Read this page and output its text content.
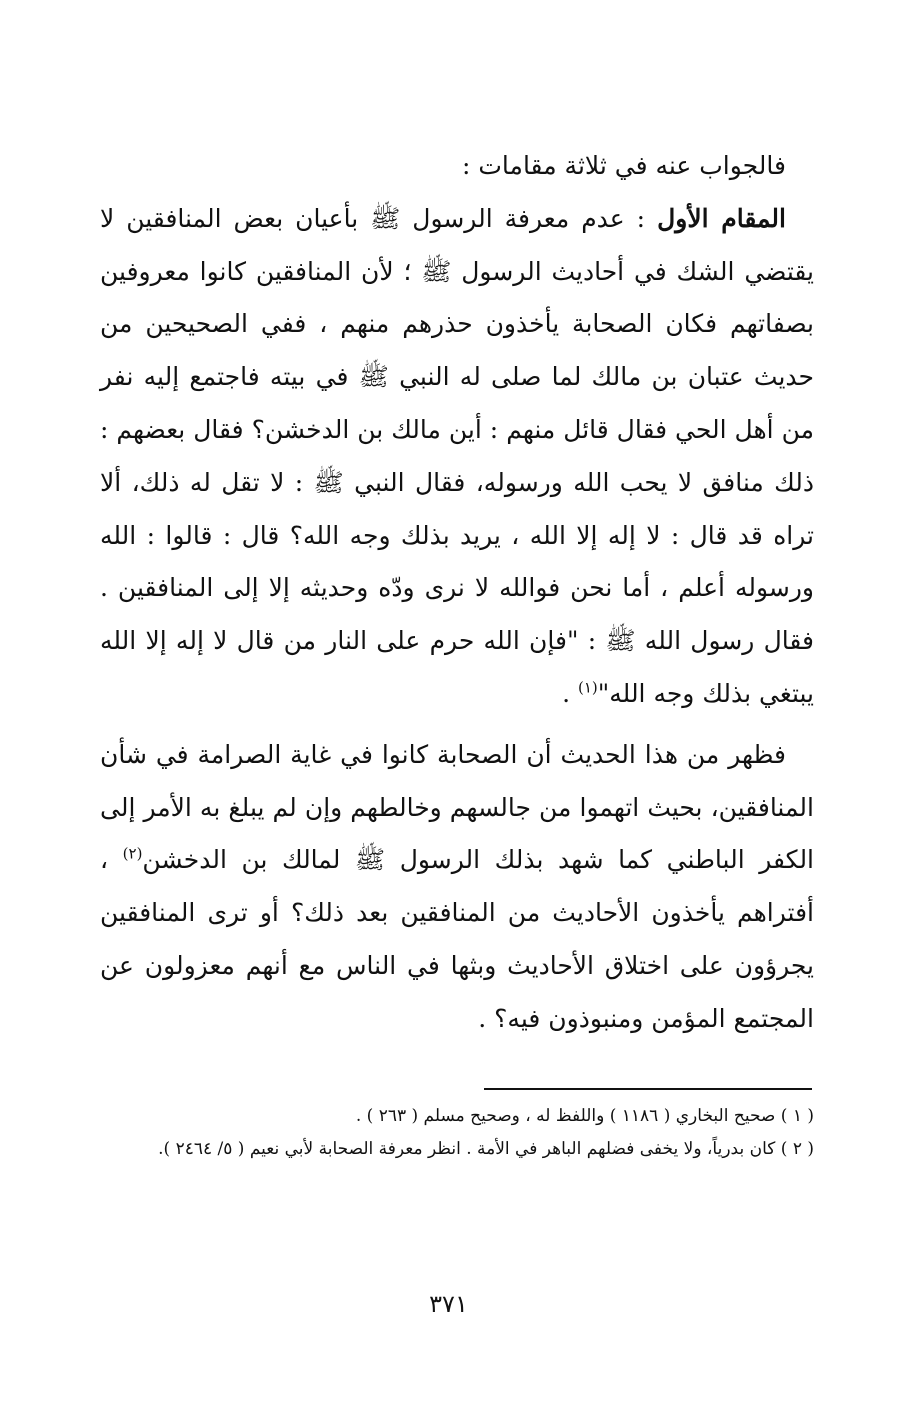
فالجواب عنه في ثلاثة مقامات :

المقام الأول : عدم معرفة الرسول ﷺ بأعيان بعض المنافقين لا يقتضي الشك في أحاديث الرسول ﷺ ؛ لأن المنافقين كانوا معروفين بصفاتهم فكان الصحابة يأخذون حذرهم منهم ، ففي الصحيحين من حديث عتبان بن مالك لما صلى له النبي ﷺ في بيته فاجتمع إليه نفر من أهل الحي فقال قائل منهم : أين مالك بن الدخشن؟ فقال بعضهم : ذلك منافق لا يحب الله ورسوله، فقال النبي ﷺ : لا تقل له ذلك، ألا تراه قد قال : لا إله إلا الله ، يريد بذلك وجه الله؟ قال : قالوا : الله ورسوله أعلم ، أما نحن فوالله لا نرى ودّه وحديثه إلا إلى المنافقين . فقال رسول الله ﷺ : "فإن الله حرم على النار من قال لا إله إلا الله يبتغي بذلك وجه الله"$^{(١)}$ .

فظهر من هذا الحديث أن الصحابة كانوا في غاية الصرامة في شأن المنافقين، بحيث اتهموا من جالسهم وخالطهم وإن لم يبلغ به الأمر إلى الكفر الباطني كما شهد بذلك الرسول ﷺ لمالك بن الدخشن$^{(٢)}$ ، أفتراهم يأخذون الأحاديث من المنافقين بعد ذلك؟ أو ترى المنافقين يجرؤون على اختلاق الأحاديث وبثها في الناس مع أنهم معزولون عن المجتمع المؤمن ومنبوذون فيه؟ .

( ١ ) صحيح البخاري ( ١١٨٦ ) واللفظ له ، وصحيح مسلم ( ٢٦٣ ) .

( ٢ ) كان بدرياً، ولا يخفى فضلهم الباهر في الأمة . انظر معرفة الصحابة لأبي نعيم ( ٥/ ٢٤٦٤ ).

٣٧١
